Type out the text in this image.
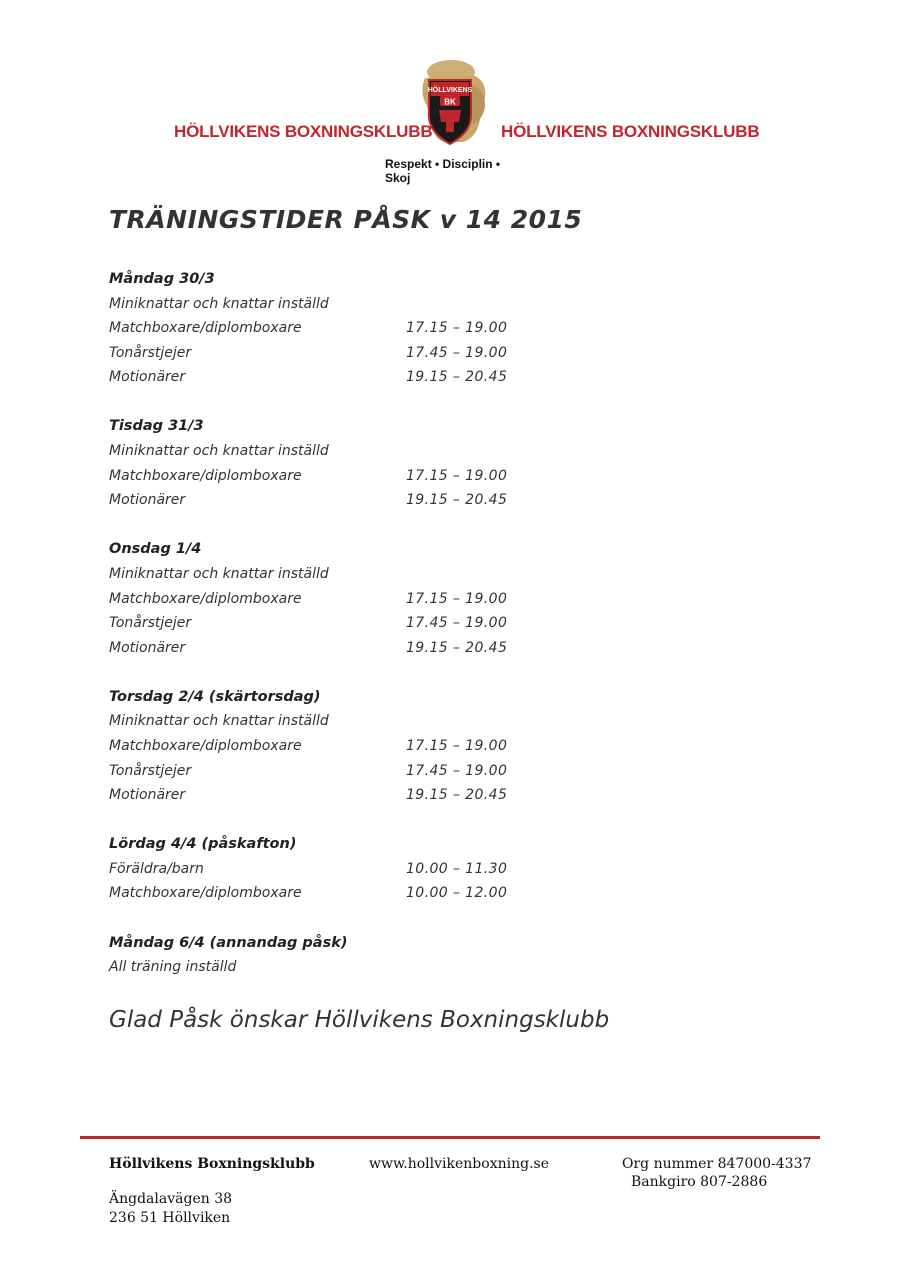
HÖLLVIKENS BOXNINGSKLUBB
HÖLLVIKENS
BK
HÖLLVIKENS BOXNINGSKLUBB
Respekt • Disciplin • Skoj
TRÄNINGSTIDER PÅSK v 14 2015
Måndag 30/3
Miniknattar och knattar inställd
Matchboxare/diplomboxare	17.15 – 19.00
Tonårstjejer	17.45 – 19.00
Motionärer	19.15 – 20.45
Tisdag 31/3
Miniknattar och knattar inställd
Matchboxare/diplomboxare	17.15 – 19.00
Motionärer	19.15 – 20.45
Onsdag 1/4
Miniknattar och knattar inställd
Matchboxare/diplomboxare	17.15 – 19.00
Tonårstjejer	17.45 – 19.00
Motionärer	19.15 – 20.45
Torsdag 2/4 (skärtorsdag)
Miniknattar och knattar inställd
Matchboxare/diplomboxare	17.15 – 19.00
Tonårstjejer	17.45 – 19.00
Motionärer	19.15 – 20.45
Lördag 4/4 (påskafton)
Föräldra/barn	10.00 – 11.30
Matchboxare/diplomboxare	10.00 – 12.00
Måndag 6/4 (annandag påsk)
All träning inställd
Glad Påsk önskar Höllvikens Boxningsklubb
Höllvikens Boxningsklubb	www.hollvikenboxning.se	Org nummer 847000-4337
Bankgiro 807-2886
Ängdalavägen 38
236 51 Höllviken
